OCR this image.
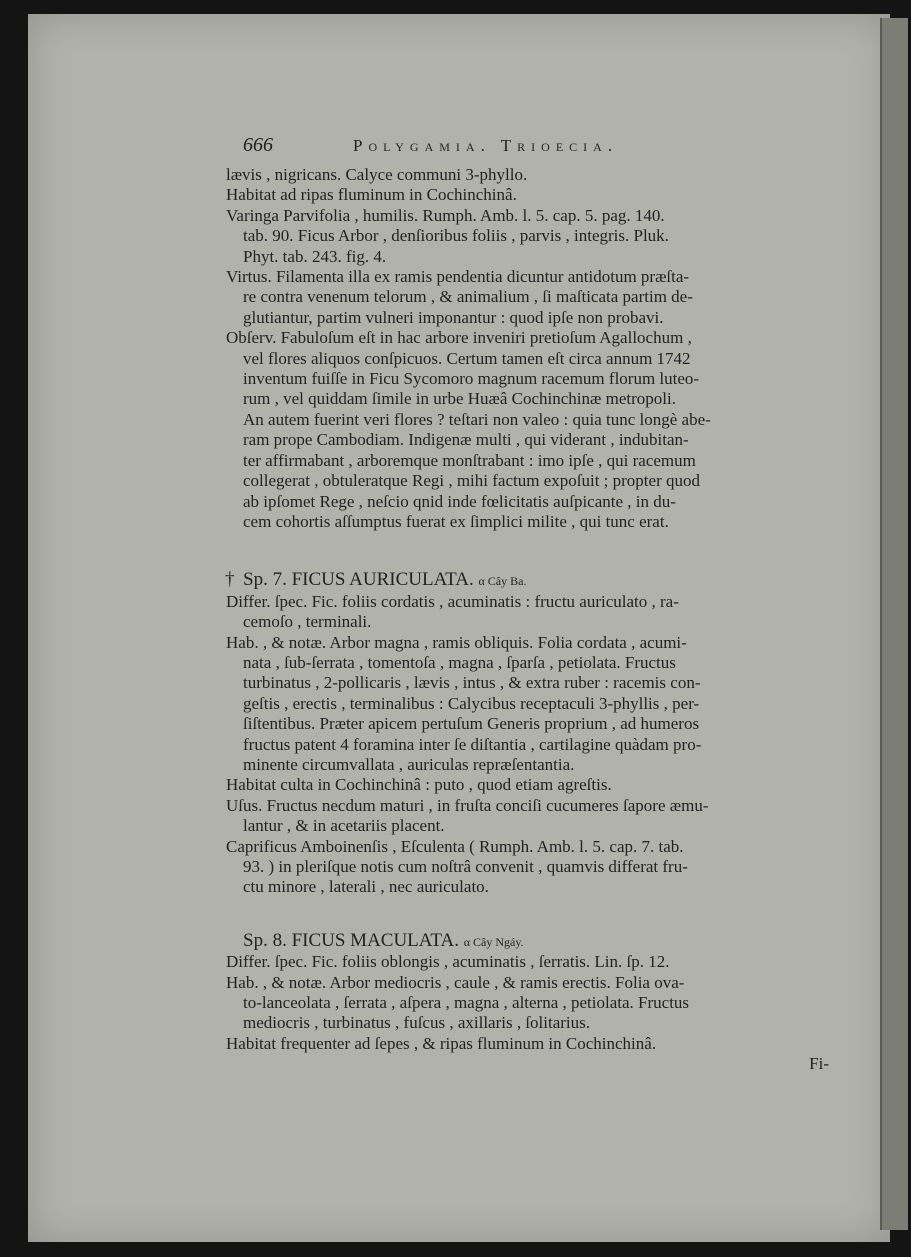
666	Polygamia. Trioecia.

lævis , nigricans. Calyce communi 3-phyllo.

Habitat ad ripas fluminum in Cochinchinâ.

Varinga Parvifolia , humilis. Rumph. Amb. l. 5. cap. 5. pag. 140.

tab. 90. Ficus Arbor , denſioribus foliis , parvis , integris. Pluk.

Phyt. tab. 243. fig. 4.

Virtus. Filamenta illa ex ramis pendentia dicuntur antidotum præſta-

re contra venenum telorum , & animalium , ſi maſticata partim de-

glutiantur, partim vulneri imponantur : quod ipſe non probavi.

Obſerv. Fabuloſum eſt in hac arbore inveniri pretioſum Agallochum ,

vel flores aliquos conſpicuos. Certum tamen eſt circa annum 1742

inventum fuiſſe in Ficu Sycomoro magnum racemum florum luteo-

rum , vel quiddam ſimile in urbe Huæâ Cochinchinæ metropoli.

An autem fuerint veri flores ? teſtari non valeo : quia tunc longè abe-

ram prope Cambodiam. Indigenæ multi , qui viderant , indubitan-

ter affirmabant , arboremque monſtrabant : imo ipſe , qui racemum

collegerat , obtuleratque Regi , mihi factum expoſuit ; propter quod

ab ipſomet Rege , neſcio qnid inde fœlicitatis auſpicante , in du-

cem cohortis aſſumptus fuerat ex ſimplici milite , qui tunc erat.

† Sp. 7. FICUS AURICULATA. α Cây Ba.

Differ. ſpec. Fic. foliis cordatis , acuminatis : fructu auriculato , ra-

cemoſo , terminali.

Hab. , & notæ. Arbor magna , ramis obliquis. Folia cordata , acumi-

nata , ſub-ſerrata , tomentoſa , magna , ſparſa , petiolata. Fructus

turbinatus , 2-pollicaris , lævis , intus , & extra ruber : racemis con-

geſtis , erectis , terminalibus : Calycibus receptaculi 3-phyllis , per-

ſiſtentibus. Præter apicem pertuſum Generis proprium , ad humeros

fructus patent 4 foramina inter ſe diſtantia , cartilagine quàdam pro-

minente circumvallata , auriculas repræſentantia.

Habitat culta in Cochinchinâ : puto , quod etiam agreſtis.

Uſus. Fructus necdum maturi , in fruſta conciſi cucumeres ſapore æmu-

lantur , & in acetariis placent.

Caprificus Amboinenſis , Eſculenta ( Rumph. Amb. l. 5. cap. 7. tab.

93. ) in pleriſque notis cum noſtrâ convenit , quamvis differat fru-

ctu minore , laterali , nec auriculato.

Sp. 8. FICUS MACULATA. α Cây Ngáy.

Differ. ſpec. Fic. foliis oblongis , acuminatis , ſerratis. Lin. ſp. 12.

Hab. , & notæ. Arbor mediocris , caule , & ramis erectis. Folia ova-

to-lanceolata , ſerrata , aſpera , magna , alterna , petiolata. Fructus

mediocris , turbinatus , fuſcus , axillaris , ſolitarius.

Habitat frequenter ad ſepes , & ripas fluminum in Cochinchinâ.

Fi-
